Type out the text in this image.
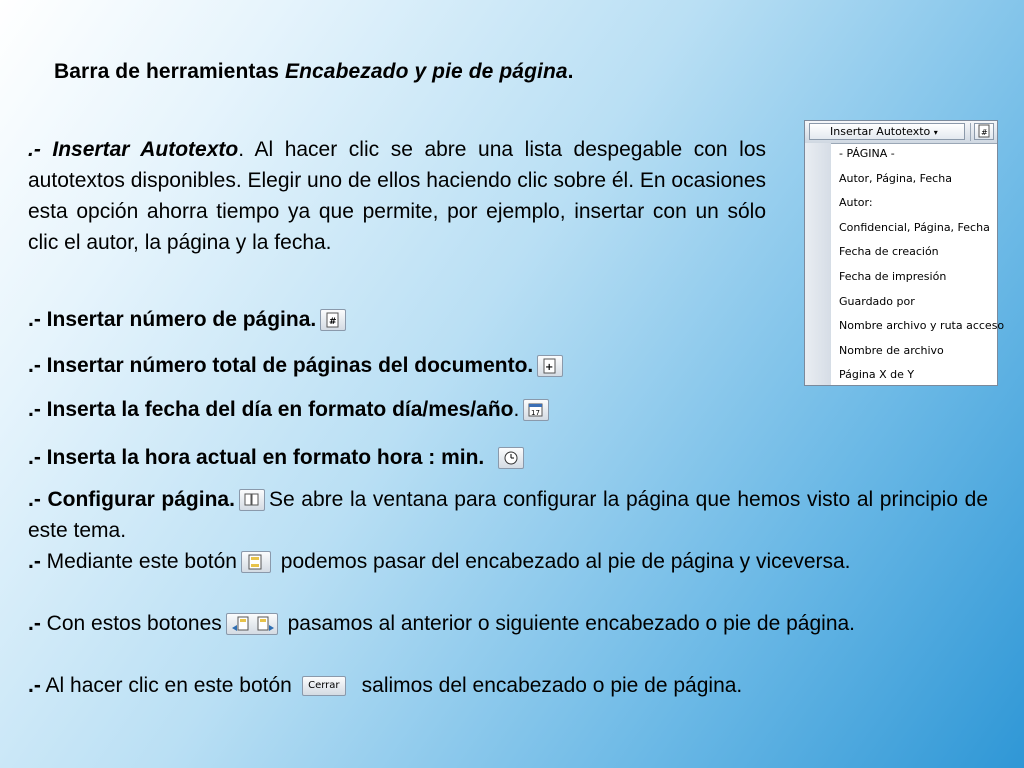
Barra de herramientas Encabezado y pie de página.
.- Insertar Autotexto. Al hacer clic se abre una lista despegable con los autotextos disponibles. Elegir uno de ellos haciendo clic sobre él. En ocasiones esta opción ahorra tiempo ya que permite, por ejemplo, insertar con un sólo clic el autor, la página y la fecha.
.- Insertar número de página. #
.- Insertar número total de páginas del documento. +
.- Inserta la fecha del día en formato día/mes/año. 17
.- Inserta la hora actual en formato hora : min.
.- Configurar página. Se abre la ventana para configurar la página que hemos visto al principio de este tema.
.- Mediante este botón
podemos pasar del encabezado al pie de página y viceversa.
.- Con estos botones	pasamos al anterior o siguiente encabezado o pie de página.
.- Al hacer clic en este botón Cerrar salimos del encabezado o pie de página.
Insertar Autotexto ▾	#
- PÁGINA -
Autor, Página, Fecha
Autor:
Confidencial, Página, Fecha
Fecha de creación
Fecha de impresión
Guardado por
Nombre archivo y ruta acceso
Nombre de archivo
Página X de Y
